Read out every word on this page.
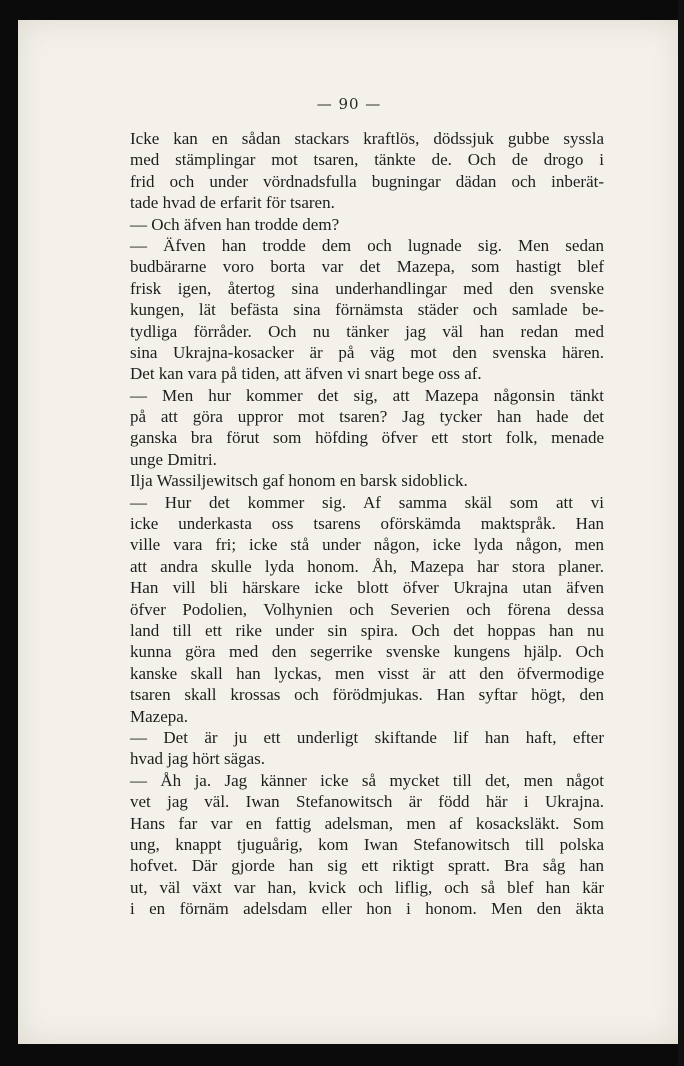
— 90 —
Icke kan en sådan stackars kraftlös, dödssjuk gubbe syssla
med stämplingar mot tsaren, tänkte de. Och de drogo i
frid och under vördnadsfulla bugningar dädan och inberät-
tade hvad de erfarit för tsaren.
— Och äfven han trodde dem?
— Äfven han trodde dem och lugnade sig. Men sedan
budbärarne voro borta var det Mazepa, som hastigt blef
frisk igen, återtog sina underhandlingar med den svenske
kungen, lät befästa sina förnämsta städer och samlade be-
tydliga förråder. Och nu tänker jag väl han redan med
sina Ukrajna-kosacker är på väg mot den svenska hären.
Det kan vara på tiden, att äfven vi snart bege oss af.
— Men hur kommer det sig, att Mazepa någonsin tänkt
på att göra uppror mot tsaren? Jag tycker han hade det
ganska bra förut som höfding öfver ett stort folk, menade
unge Dmitri.
Ilja Wassiljewitsch gaf honom en barsk sidoblick.
— Hur det kommer sig. Af samma skäl som att vi
icke underkasta oss tsarens oförskämda maktspråk. Han
ville vara fri; icke stå under någon, icke lyda någon, men
att andra skulle lyda honom. Åh, Mazepa har stora planer.
Han vill bli härskare icke blott öfver Ukrajna utan äfven
öfver Podolien, Volhynien och Severien och förena dessa
land till ett rike under sin spira. Och det hoppas han nu
kunna göra med den segerrike svenske kungens hjälp. Och
kanske skall han lyckas, men visst är att den öfvermodige
tsaren skall krossas och förödmjukas. Han syftar högt, den
Mazepa.
— Det är ju ett underligt skiftande lif han haft, efter
hvad jag hört sägas.
— Åh ja. Jag känner icke så mycket till det, men något
vet jag väl. Iwan Stefanowitsch är född här i Ukrajna.
Hans far var en fattig adelsman, men af kosacksläkt. Som
ung, knappt tjuguårig, kom Iwan Stefanowitsch till polska
hofvet. Där gjorde han sig ett riktigt spratt. Bra såg han
ut, väl växt var han, kvick och liflig, och så blef han kär
i en förnäm adelsdam eller hon i honom. Men den äkta
